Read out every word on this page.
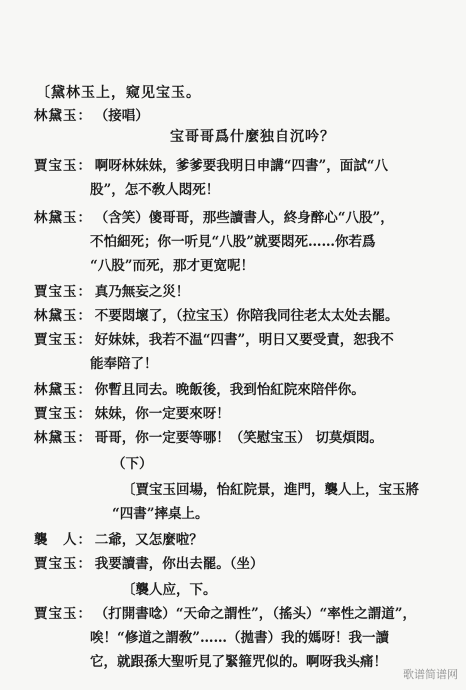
〔黛林玉上，窥见宝玉。
林黛玉： （接唱）
宝哥哥爲什麼独自沉吟？
賈宝玉： 啊呀林妹妹，爹爹要我明日申講“四書”，面試“八
股”，怎不敎人悶死！
林黛玉： （含笑）傻哥哥，那些讀書人，終身醉心“八股”，
不怕細死；你一听見“八股”就要悶死……你若爲
“八股”而死，那才更宽呢！
賈宝玉： 真乃無妄之災！
林黛玉： 不要悶壞了，（拉宝玉）你陪我同往老太太处去罷。
賈宝玉： 好妹妹，我若不温“四書”，明日又要受責，恕我不
能奉陪了！
林黛玉： 你暫且同去。晚飯後，我到怡紅院來陪伴你。
賈宝玉： 妹妹，你一定要來呀！
林黛玉： 哥哥，你一定要等哪！（笑慰宝玉） 切莫煩悶。
（下）
〔賈宝玉回場，怡紅院景，進門，襲人上，宝玉將
“四書”摔桌上。
襲　人： 二爺，又怎麼啦？
賈宝玉： 我要讀書，你出去罷。（坐）
〔襲人应，下。
賈宝玉： （打開書唸）“天命之謂性”，（搖头）“率性之謂道”，
唉！“修道之謂敎”……（拋書）我的媽呀！我一讀
它，就跟孫大聖听見了緊箍咒似的。啊呀我头痛！
歌谱简谱网
